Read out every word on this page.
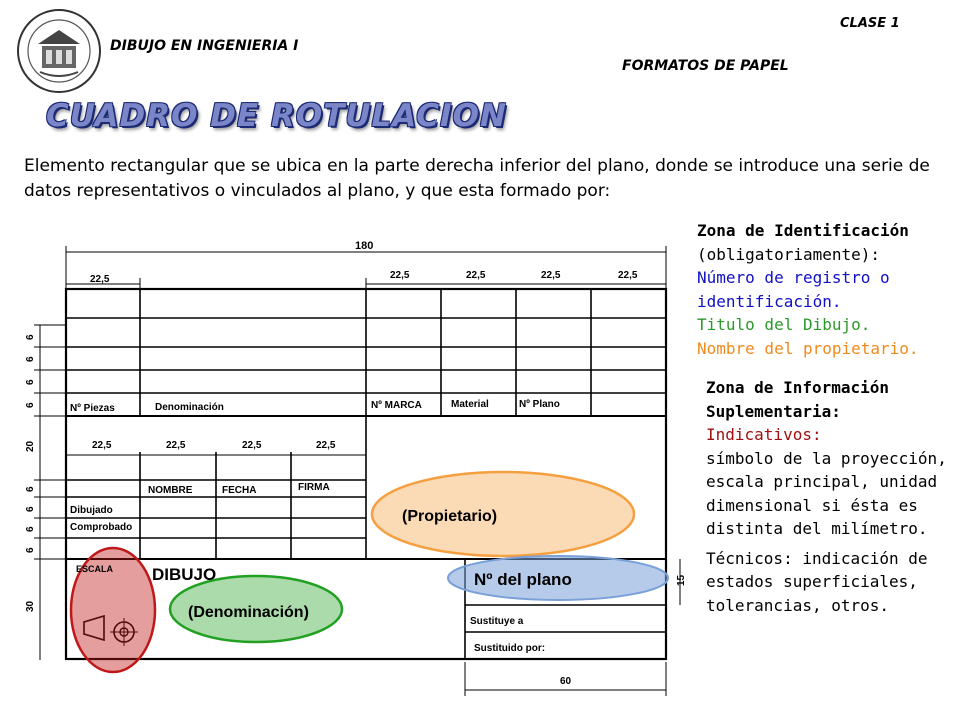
DIBUJO EN INGENIERIA I
CLASE 1
FORMATOS DE PAPEL
CUADRO DE ROTULACION
Elemento rectangular que se ubica en la parte derecha inferior del plano, donde se introduce una serie de datos representativos o vinculados al plano, y que esta formado por:
180
22,5	22,5	22,5	22,5	22,5
22,5	22,5	22,5	22,5
60
15
6
6
6
6
20
6
6
6
6
30
Nº Piezas	Denominación	Nº MARCA	Material	Nº Plano
NOMBRE	FECHA	FIRMA
Dibujado
Comprobado
ESCALA DIBUJO
(Denominación)
(Propietario)
Nº del plano
Sustituye a
Sustituido por:
Zona de Identificación
(obligatoriamente):
Número de registro o identificación.
Titulo del Dibujo.
Nombre del propietario.
Zona de Información Suplementaria:
Indicativos:
símbolo de la proyección, escala principal, unidad dimensional si ésta es distinta del milímetro.
Técnicos: indicación de estados superficiales, tolerancias, otros.
